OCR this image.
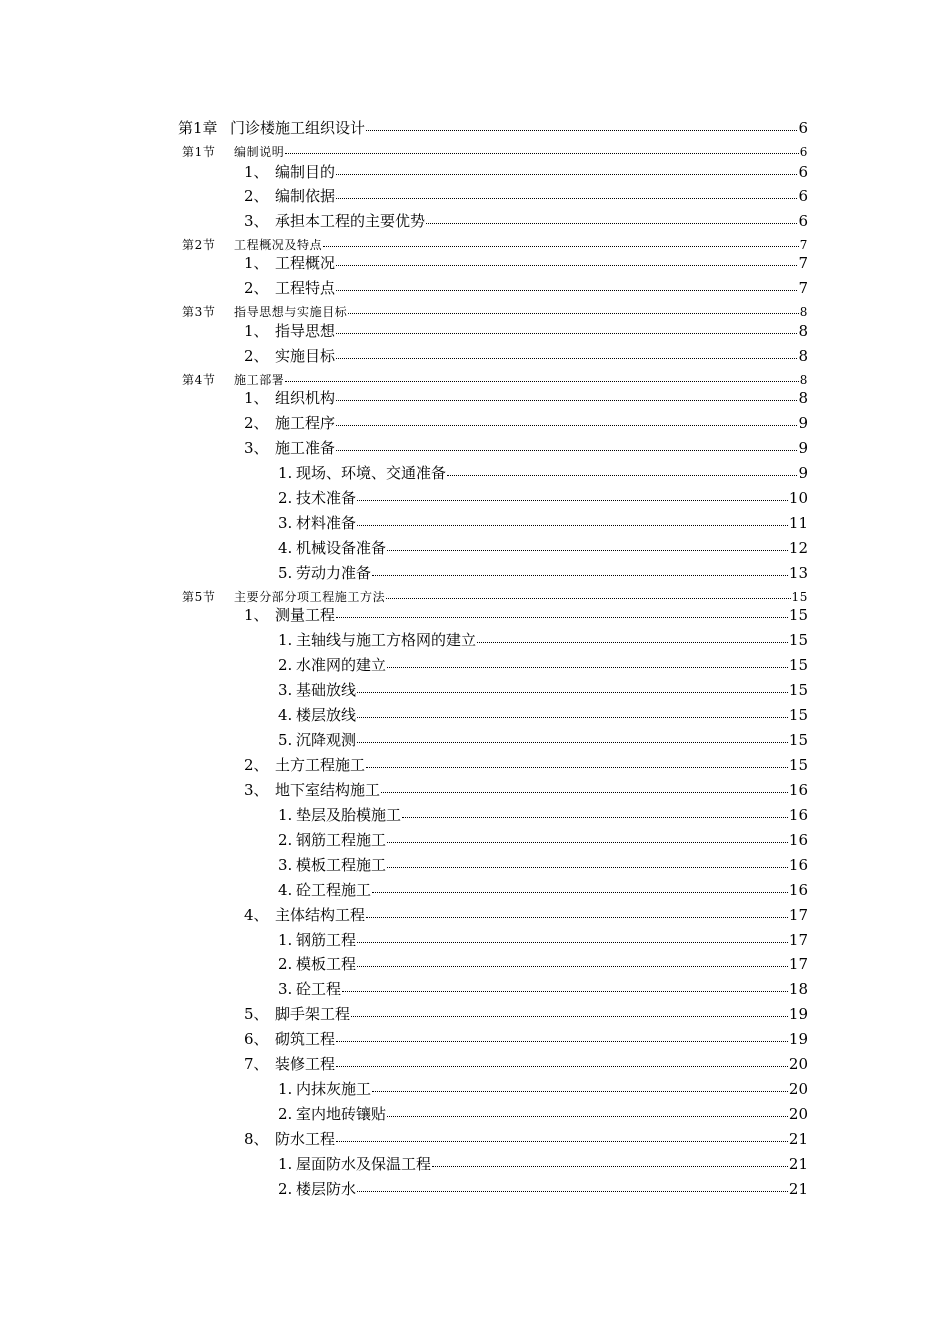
第1章 门诊楼施工组织设计	6
第1节	编制说明	6
1、 编制目的	6
2、 编制依据	6
3、 承担本工程的主要优势	6
第2节	工程概况及特点	7
1、 工程概况	7
2、 工程特点	7
第3节	指导思想与实施目标	8
1、 指导思想	8
2、 实施目标	8
第4节	施工部署	8
1、 组织机构	8
2、 施工程序	9
3、 施工准备	9
1. 现场、环境、交通准备	9
2. 技术准备	10
3. 材料准备	11
4. 机械设备准备	12
5. 劳动力准备	13
第5节	主要分部分项工程施工方法	15
1、 测量工程	15
1. 主轴线与施工方格网的建立	15
2. 水准网的建立	15
3. 基础放线	15
4. 楼层放线	15
5. 沉降观测	15
2、 土方工程施工	15
3、 地下室结构施工	16
1. 垫层及胎模施工	16
2. 钢筋工程施工	16
3. 模板工程施工	16
4. 砼工程施工	16
4、 主体结构工程	17
1. 钢筋工程	17
2. 模板工程	17
3. 砼工程	18
5、 脚手架工程	19
6、 砌筑工程	19
7、 装修工程	20
1. 内抹灰施工	20
2. 室内地砖镶贴	20
8、 防水工程	21
1. 屋面防水及保温工程	21
2. 楼层防水	21
